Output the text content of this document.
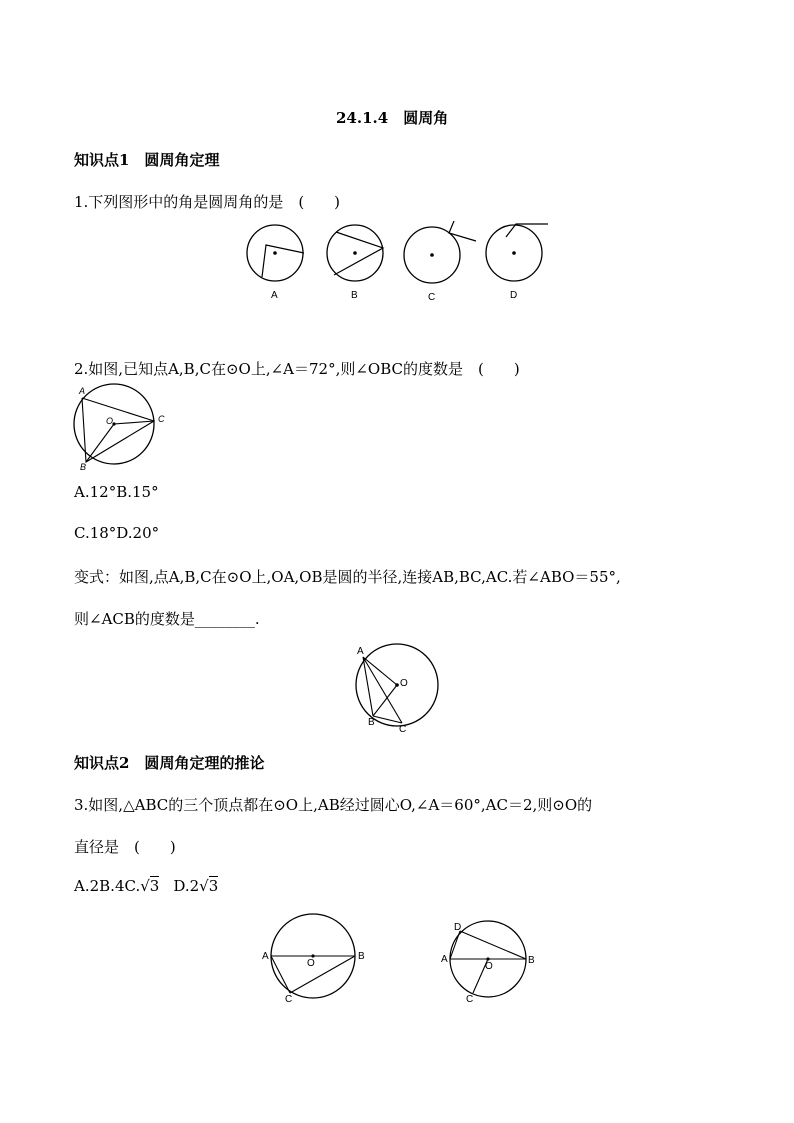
24.1.4　圆周角
知识点1　圆周角定理
1.下列图形中的角是圆周角的是　(　　)
A	B	C	D
2.如图,已知点A,B,C在⊙O上,∠A＝72°,则∠OBC的度数是　(　　)
A
O	C
B
A.12°B.15°
C.18°D.20°
变式：如图,点A,B,C在⊙O上,OA,OB是圆的半径,连接AB,BC,AC.若∠ABO＝55°,
则∠ACB的度数是________.
A
O
B
C
知识点2　圆周角定理的推论
3.如图,△ABC的三个顶点都在⊙O上,AB经过圆心O,∠A＝60°,AC＝2,则⊙O的
直径是　(　　)
A.2B.4C.√3 D.2√3
A
O
B
C
D
A
O
B
C
